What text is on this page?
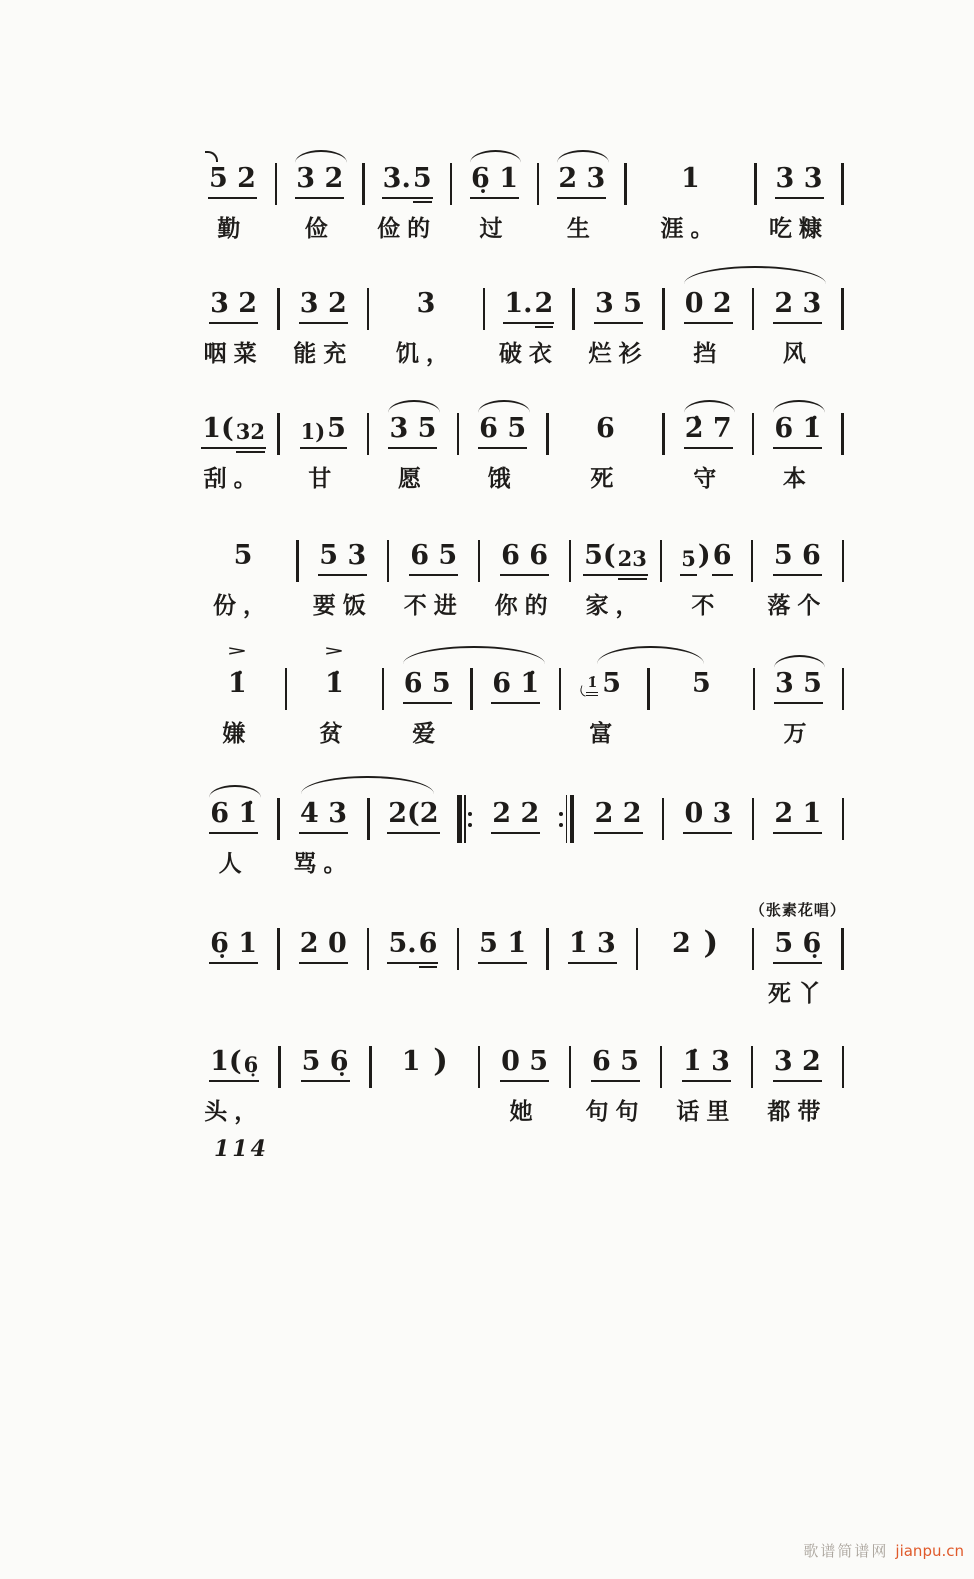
5 2
勤
3 2
俭
3. 5
俭的
6̣ 1
过
2 3
生
1
涯。
3 3
吃糠
3 2
咽菜
3 2
能充
3
饥，
1. 2
破衣
3 5
烂衫
0 2
挡
2 3
风
1( 32
刮。
1) 5
甘
3 5
愿
6 5
饿
6
死
2̇ 7
守
6 1̇
本
5
份，
5 3
要饭
6 5
不进
6 6
你的
5( 23
家，
5 ) 6
不
5 6
落个
>
1̇
嫌
>
1̇
贫
6 5
爱
6 1̇	1̇ 5
富
5 3 5
万
6 1̇
人
4 3
骂。
2(2 2 2 2 2 0 3 2 1
6̣ 1 2 0 5. 6 5 1̇ 1̇ 3 2 )
（张素花唱）
5 6̣
死丫
1( 6̣
头，
5 6̣ 1 ) 0 5
她
6 5
句句
1̇ 3
话里
3 2
都带
114
歌谱简谱网 jianpu.cn
